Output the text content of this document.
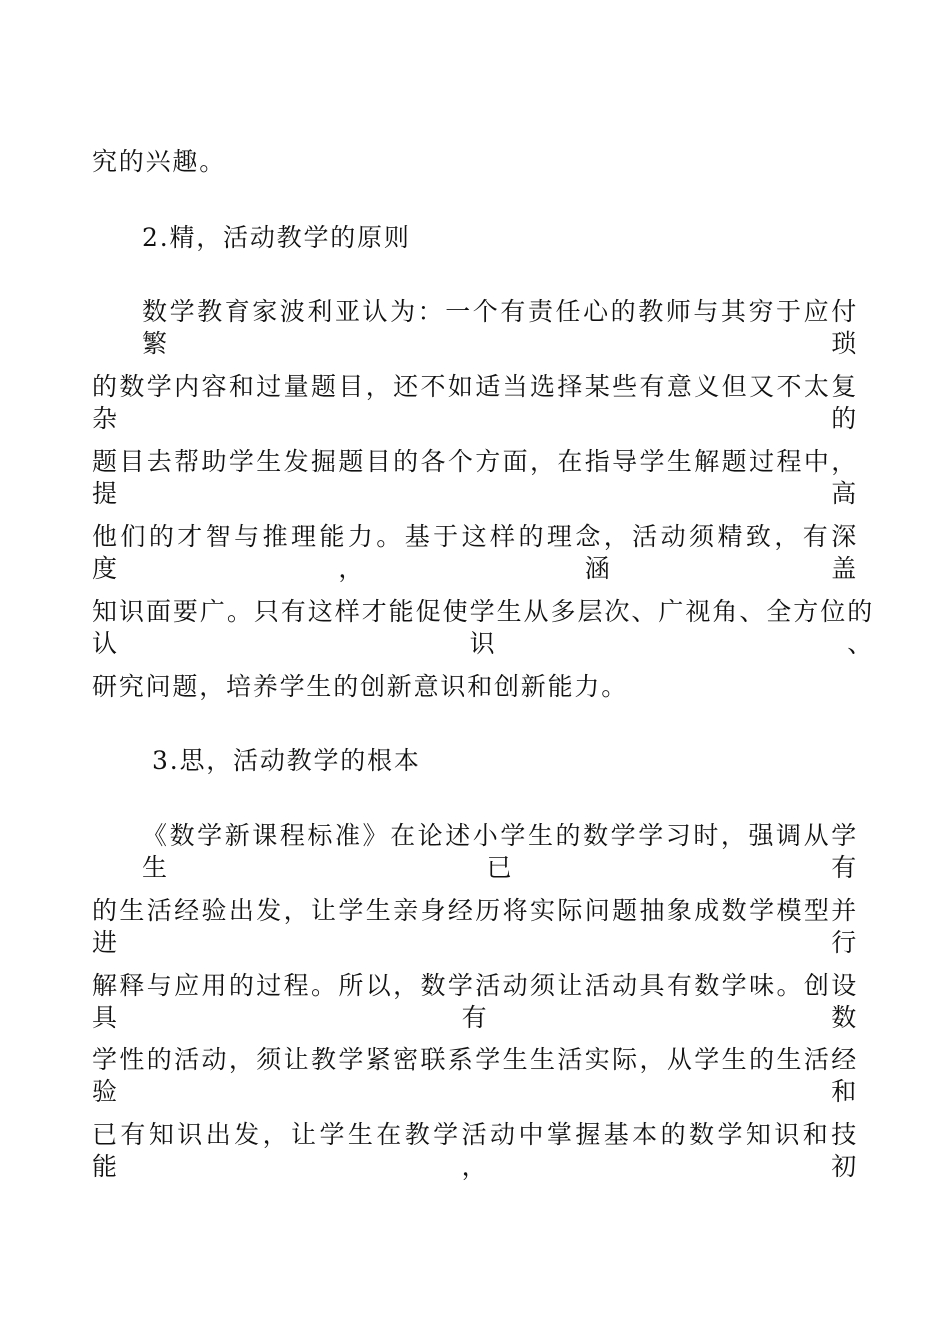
究的兴趣。
2.精，活动教学的原则
数学教育家波利亚认为：一个有责任心的教师与其穷于应付繁琐
的数学内容和过量题目，还不如适当选择某些有意义但又不太复杂的
题目去帮助学生发掘题目的各个方面，在指导学生解题过程中，提高
他们的才智与推理能力。基于这样的理念，活动须精致，有深度，涵盖
知识面要广。只有这样才能促使学生从多层次、广视角、全方位的认识、
研究问题，培养学生的创新意识和创新能力。
3.思，活动教学的根本
《数学新课程标准》在论述小学生的数学学习时，强调从学生已有
的生活经验出发，让学生亲身经历将实际问题抽象成数学模型并进行
解释与应用的过程。所以，数学活动须让活动具有数学味。创设具有数
学性的活动，须让教学紧密联系学生生活实际，从学生的生活经验和
已有知识出发，让学生在教学活动中掌握基本的数学知识和技能，初
